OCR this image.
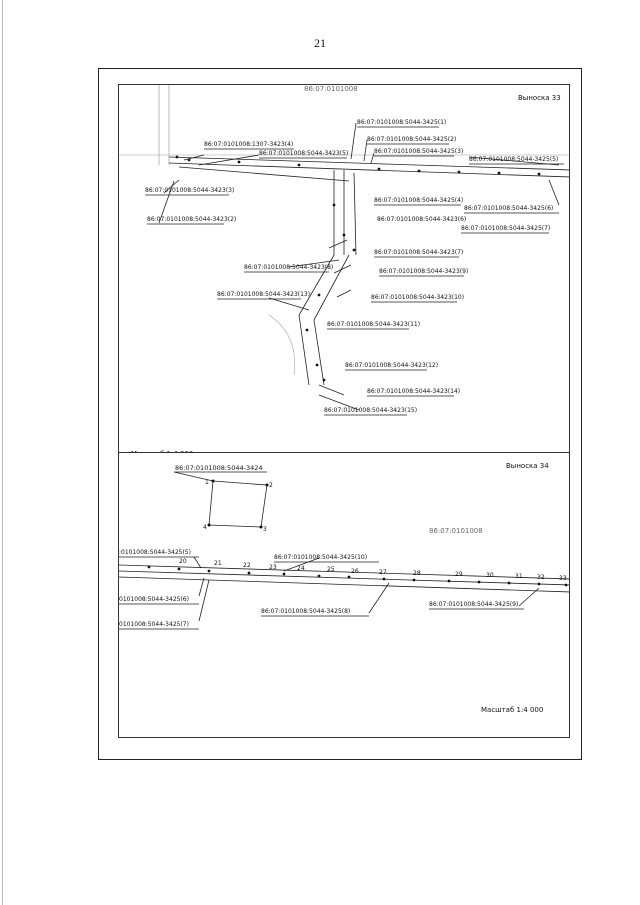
21
Выноска 33
86:07:0101008
86:07:0101008:5044-3425(1)
86:07:0101008:5044-3425(2)
86:07:0101008:5044-3425(3)
86:07:0101008:5044-3425(4)
86:07:0101008:5044-3425(5)
86:07:0101008:5044-3425(6)
86:07:0101008:5044-3425(7)
86:07:0101008:1307-3423(4)
86:07:0101008:5044-3423(5)
86:07:0101008:5044-3423(3)
86:07:0101008:5044-3423(2)	86:07:0101008:5044-3423(6)
86:07:0101008:5044-3423(7)
86:07:0101008:5044-3423(8)
86:07:0101008:5044-3423(9)
86:07:0101008:5044-3423(13)	86:07:0101008:5044-3423(10)
86:07:0101008:5044-3423(11)
86:07:0101008:5044-3423(12)
86:07:0101008:5044-3423(14)
86:07:0101008:5044-3423(15)
1	2
3
4
20	21	22	23	24	25	26	27	28	29	30	31 32 33
Выноска 34
86:07:0101008
86:07:0101008:5044-3424
Масштаб 1:4 000
:0101008:5044-3425(5)
86:07:0101008:5044-3425(10)
0101008:5044-3425(6)
0101008:5044-3425(7)
86:07:0101008:5044-3425(8)
86:07:0101008:5044-3425(9)
